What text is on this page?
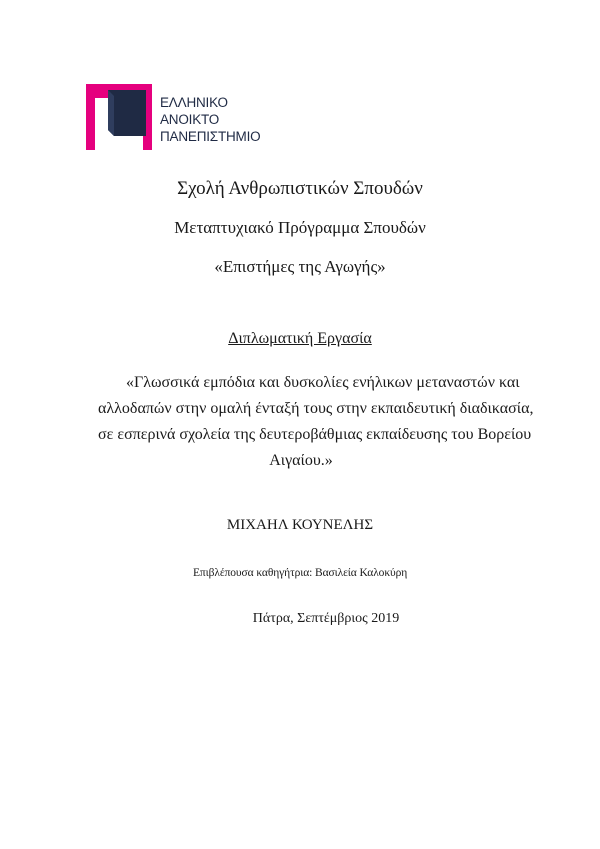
ΕΛΛΗΝΙΚΟ
ΑΝΟΙΚΤΟ
ΠΑΝΕΠΙΣΤΗΜΙΟ
Σχολή Ανθρωπιστικών Σπουδών
Μεταπτυχιακό Πρόγραμμα Σπουδών
«Επιστήμες της Αγωγής»
Διπλωματική Εργασία
«Γλωσσικά εμπόδια και δυσκολίες ενήλικων μεταναστών και
αλλοδαπών στην ομαλή ένταξή τους στην εκπαιδευτική διαδικασία,
σε εσπερινά σχολεία της δευτεροβάθμιας εκπαίδευσης του Βορείου
Αιγαίου.»
ΜΙΧΑΗΛ ΚΟΥΝΕΛΗΣ
Επιβλέπουσα καθηγήτρια: Βασιλεία Καλοκύρη
Πάτρα, Σεπτέμβριος 2019
